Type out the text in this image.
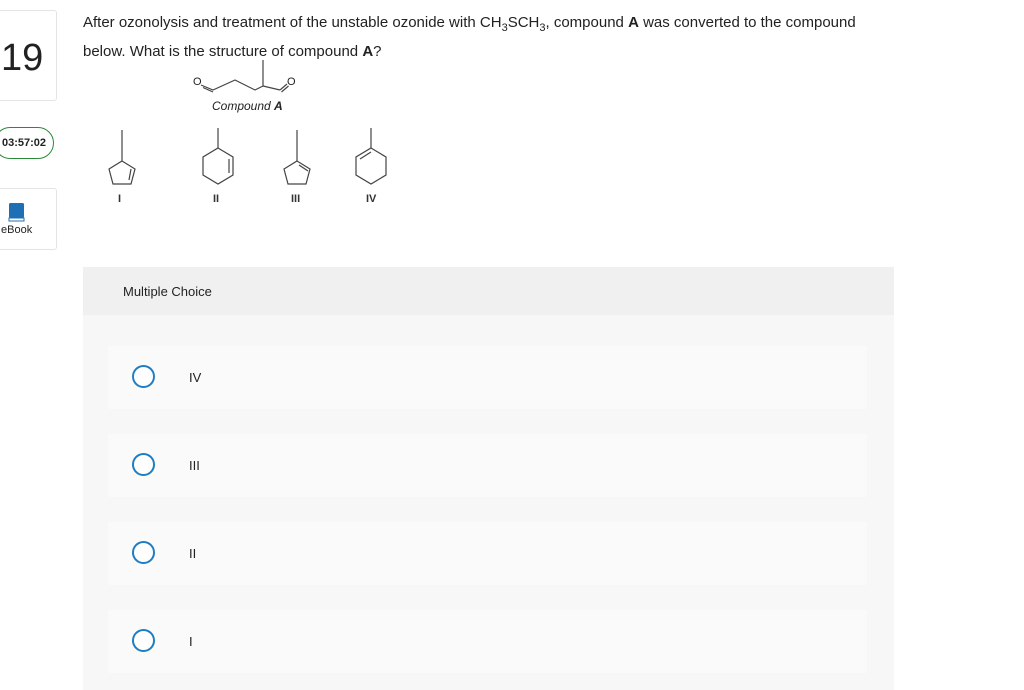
19
03:57:02
eBook
After ozonolysis and treatment of the unstable ozonide with $CH_3SCH_3$, compound A was converted to the compound below. What is the structure of compound A?
O	O
Compound A
I	II	III	IV
Multiple Choice
IV
III
II
I
